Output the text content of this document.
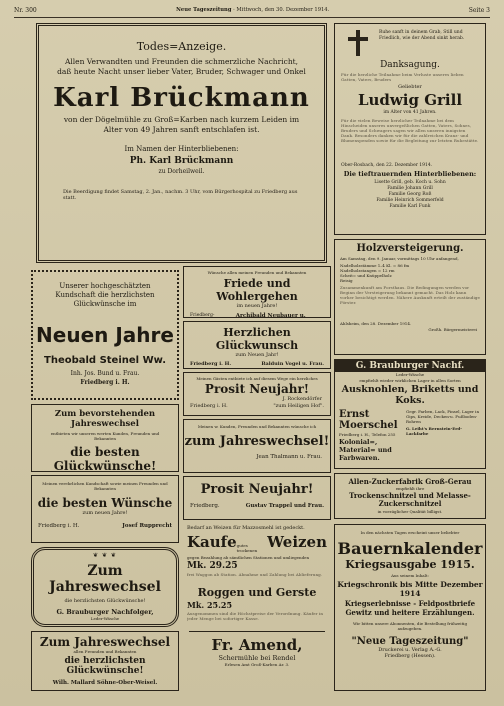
Nr. 300	Neue Tageszeitung · Mittwoch, den 30. Dezember 1914.	Seite 3
Todes=Anzeige.
Allen Verwandten und Freunden die schmerzliche Nachricht, daß heute Nacht unser lieber Vater, Bruder, Schwager und Onkel
Karl Brückmann
von der Dögelmühle zu Groß=Karben nach kurzem Leiden im Alter von 49 Jahren sanft entschlafen ist.
Im Namen der Hinterbliebenen:
Ph. Karl Brückmann
zu Dorheilweil.
Die Beerdigung findet Samstag, 2. Jan., nachm. 3 Uhr, vom Bürgerhospital zu Friedberg aus statt.
Ruhe sanft in deinem Grab, Still und Friedlich, wie der Abend sinkt herab.
Danksagung.
Für die herzliche Teilnahme beim Verluste unseres lieben Gatten, Vaters, Bruders
Geliebter
Ludwig Grill
im Alter von 41 Jahren.
Für die vielen Beweise herzlicher Teilnahme bei dem Hinscheiden unseres unvergeßlichen Gatten, Vaters, Sohnes, Bruders und Schwagers sagen wir allen unseren innigsten Dank. Besonders danken wir für die zahlreichen Kranz- und Blumenspenden sowie für die Begleitung zur letzten Ruhestätte.
Ober-Rosbach, den 22. Dezember 1914.
Die tieftrauernden Hinterbliebenen:
Lisette Grill, geb. Koch u. Sohn
Familie Johann Grill
Familie Georg Roß
Familie Heinrich Sommerfeld
Familie Karl Funk
Holzversteigerung.
Am Samstag, den 9. Januar, vormittags 10 Uhr anfangend,
Nadelholzstämme 1–4 Kl. = 86 fm
Nadelholzstangen = 12 rm
Scheit= und Knüppelholz
Reisig
Zusammenkunft am Forsthaus. Die Bedingungen werden vor Beginn der Versteigerung bekannt gemacht. Das Holz kann vorher besichtigt werden. Nähere Auskunft erteilt der zuständige Förster.
Ahlsheim, den 28. Dezember 1914.
Großh. Bürgermeisterei
Unserer hochgeschätzten Kundschaft die herzlichsten Glückwünsche im
Neuen Jahre
Theobald Steinel Ww.
Inh. Jos. Bund u. Frau.
Friedberg i. H.
Wünsche allen meinen Freunden und Bekannten
Friede und Wohlergehen
im neuen Jahre!
Friedberg-	Archibald Neubauer u.
Herzlichen Glückwunsch
zum Neuen Jahr!
Friedberg i. H.	Balduin Vogel u. Frau.
Meinen Gästen entbiete ich auf diesem Wege ein herzliches
Prosit Neujahr!
J. Rockendörfer
Friedberg i. H.	"zum Heiligen Hof".
Meinen w. Kunden, Freunden und Bekannten wünsche ich
zum Jahreswechsel!
Jean Thalmann u. Frau.
Prosit Neujahr!
Friedberg.	Gustav Trappel und Frau.
Zum bevorstehenden Jahreswechsel
entbieten wir unseren werten Kunden, Freunden und Bekannten
die besten Glückwünsche!
Meinen verehrlichen Kundschaft sowie meinen Freunden und Bekannten
die besten Wünsche
zum neuen Jahre!
Friedberg i. H.	Josef Rupprecht
❦ ❦ ❦
Zum Jahreswechsel
die herzlichsten Glückwünsche!
G. Brauburger Nachfolger,
Leder-Wäsche
Zum Jahreswechsel
allen Freunden und Bekannten
die herzlichsten Glückwünsche!
Wilh. Mallard Söhne-Ober-Weisel.
Bedarf an Weizen für Mazzosmehl ist gedeckt.
Kaufe gutes trockenen Weizen
gegen Bezahlung ab sämtlichen Stationen und umliegenden
Mk. 29.25
frei Waggon ab Station. Abnahme und Zahlung bei Ablieferung.
Roggen und Gerste
Mk. 25.25
Ausgenommen sind die Höchstpreise der Verordnung. Käufer in jeder Menge bei sofortiger Kasse.
Fr. Amend,
Schermühle bei Rendel
Erlesen Amt Groß-Karben Ar. 3.
G. Brauburger Nachf.
Leder-Wäsche
empfiehlt wieder wirklichen Lager in allen Sorten
Ausknohlen, Briketts und Koks.
Ernst Moerschel
Friedberg i. H., Telefon 255
Kolonial=, Material= und Farbwaren.
Gegr. Farben, Lack, Pinsel, Lager in Gips, Kreide, Decken-u. Fußboden-Rohren
G. Leiht's Bernstein-Erd-Lackfarbe
Allen-Zuckerfabrik Groß-Gerau
empfiehlt ihre
Trockenschnitzel und Melasse-Zuckerschnitzel
in vorzüglicher Qualität billigst.
In den nächsten Tagen erscheint unser beliebter
Bauernkalender
Kriegsausgabe 1915.
Aus seinem Inhalt:
Kriegschronik bis Mitte Dezember 1914
Kriegserlebnisse - Feldpostbriefe
Gewitz und heitere Erzählungen.
Wir bitten unsere Abonnenten, die Bestellung frühzeitig aufzugeben.
"Neue Tageszeitung"
Druckerei u. Verlag A.-G.
Friedberg (Hessen).
